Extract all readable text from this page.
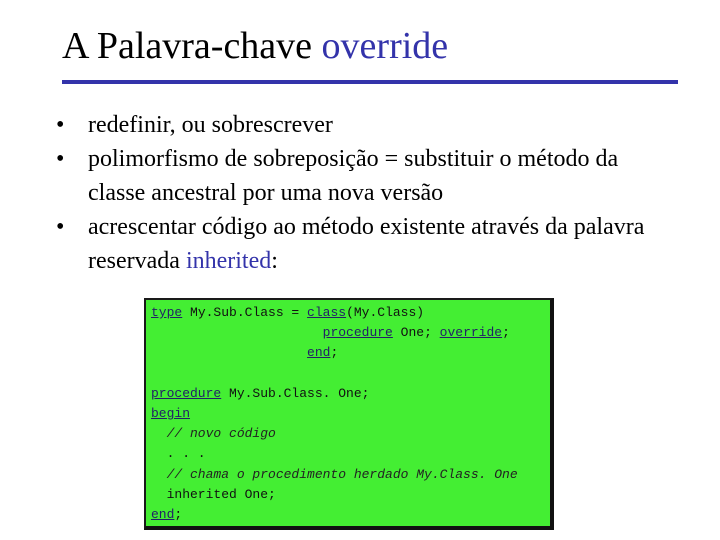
A Palavra-chave override
• redefinir, ou sobrescrever
• polimorfismo de sobreposição = substituir o método da classe ancestral por uma nova versão
• acrescentar código ao método existente através da palavra reservada inherited:
type My.Sub.Class = class(My.Class)
procedure One; override;
end;

procedure My.Sub.Class. One;
begin
// novo código
. . .
// chama o procedimento herdado My.Class. One
inherited One;
end;
